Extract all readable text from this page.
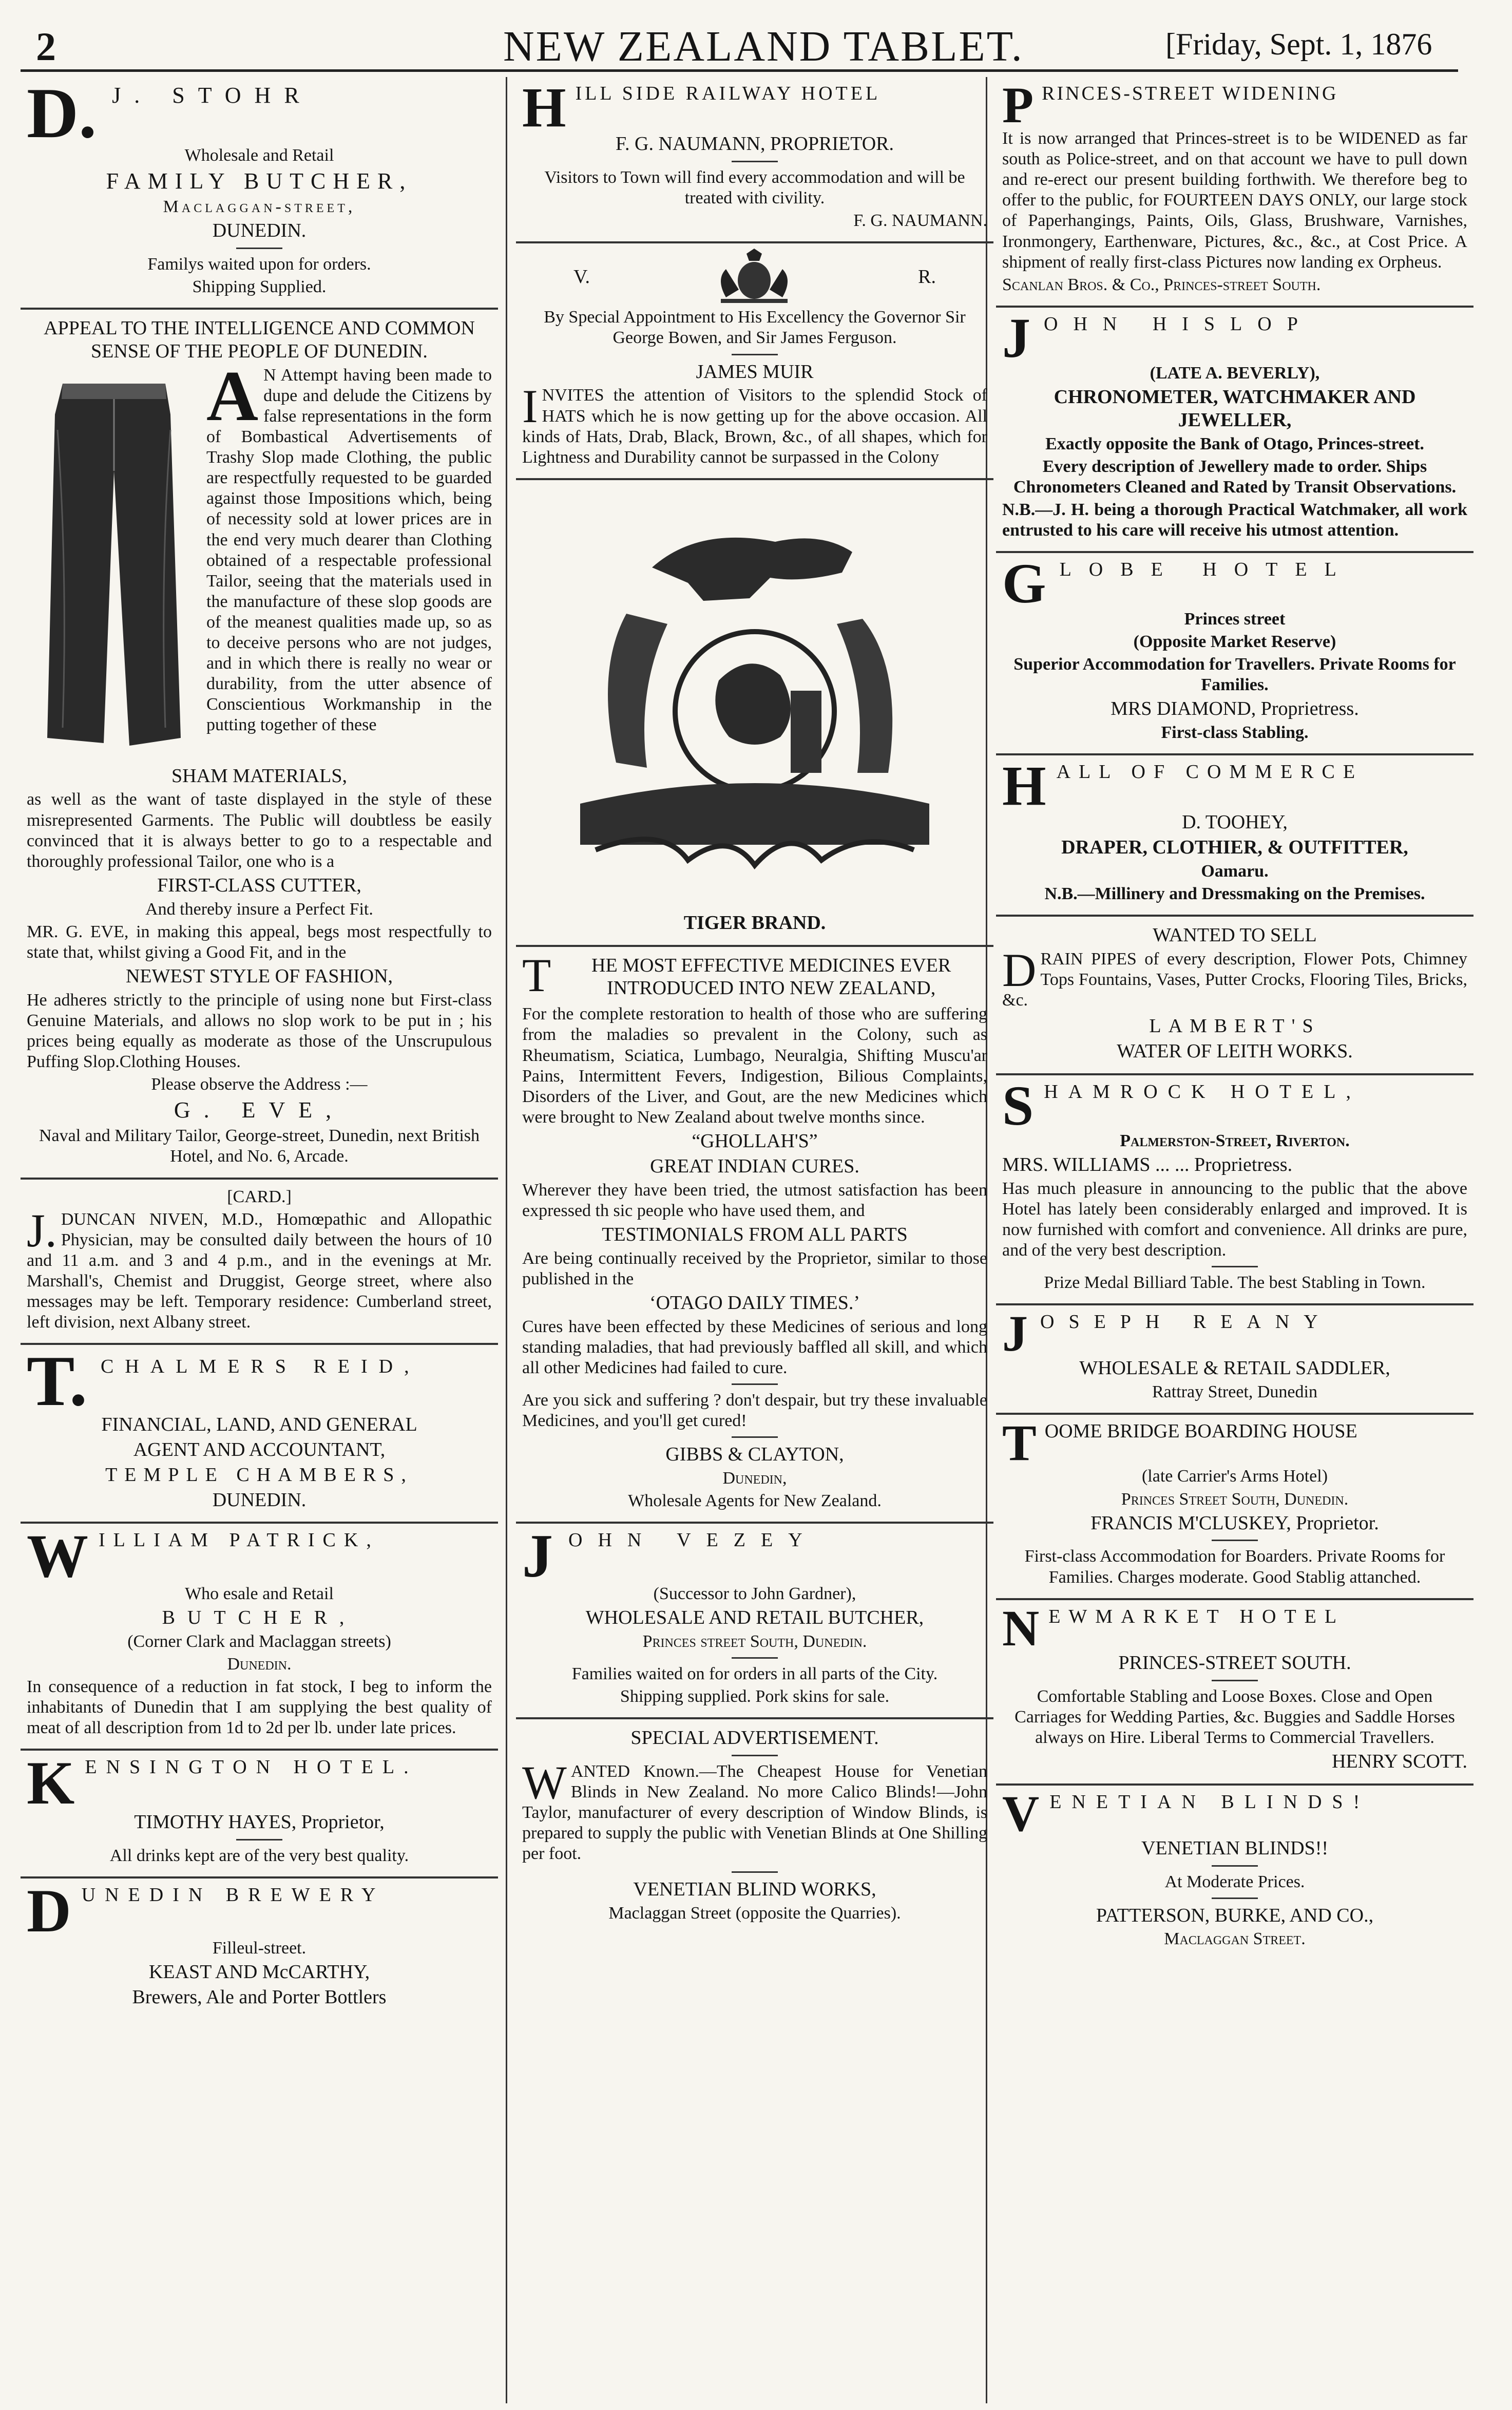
2	NEW ZEALAND TABLET.	[Friday, Sept. 1, 1876
D. J. STOHR

Wholesale and Retail

FAMILY BUTCHER,

Maclaggan-street,

DUNEDIN.

Familys waited upon for orders.

Shipping Supplied.

APPEAL TO THE INTELLIGENCE AND COMMON SENSE OF THE PEOPLE OF DUNEDIN.

A N Attempt having been made to dupe and delude the Citizens by false representations in the form of Bombastical Advertisements of Trashy Slop made Clothing, the public are respectfully requested to be guarded against those Impositions which, being of necessity sold at lower prices are in the end very much dearer than Clothing obtained of a respectable professional Tailor, seeing that the materials used in the manufacture of these slop goods are of the meanest qualities made up, so as to deceive persons who are not judges, and in which there is really no wear or durability, from the utter absence of Conscientious Workmanship in the putting together of these

SHAM MATERIALS,

as well as the want of taste displayed in the style of these misrepresented Garments. The Public will doubtless be easily convinced that it is always better to go to a respectable and thoroughly professional Tailor, one who is a

FIRST-CLASS CUTTER,

And thereby insure a Perfect Fit.

MR. G. EVE, in making this appeal, begs most respectfully to state that, whilst giving a Good Fit, and in the

NEWEST STYLE OF FASHION,

He adheres strictly to the principle of using none but First-class Genuine Materials, and allows no slop work to be put in ; his prices being equally as moderate as those of the Unscrupulous Puffing Slop.Clothing Houses.

Please observe the Address :—

G. EVE,

Naval and Military Tailor, George-street, Dunedin, next British Hotel, and No. 6, Arcade.

[CARD.]

J. DUNCAN NIVEN, M.D., Homœpathic and Allopathic Physician, may be consulted daily between the hours of 10 and 11 a.m. and 3 and 4 p.m., and in the evenings at Mr. Marshall's, Chemist and Druggist, George street, where also messages may be left. Temporary residence: Cumberland street, left division, next Albany street.

T. CHALMERS REID,

FINANCIAL, LAND, AND GENERAL

AGENT AND ACCOUNTANT,

TEMPLE CHAMBERS,

DUNEDIN.

W ILLIAM PATRICK,

Who esale and Retail

BUTCHER,

(Corner Clark and Maclaggan streets)

Dunedin.

In consequence of a reduction in fat stock, I beg to inform the inhabitants of Dunedin that I am supplying the best quality of meat of all description from 1d to 2d per lb. under late prices.

K ENSINGTON HOTEL.

TIMOTHY HAYES, Proprietor,

All drinks kept are of the very best quality.

D UNEDIN BREWERY

Filleul-street.

KEAST AND McCARTHY,

Brewers, Ale and Porter Bottlers

H ILL SIDE RAILWAY HOTEL

F. G. NAUMANN, PROPRIETOR.

Visitors to Town will find every accommodation and will be treated with civility.

F. G. NAUMANN.

V.	R.

By Special Appointment to His Excellency the Governor Sir George Bowen, and Sir James Ferguson.

JAMES MUIR

I NVITES the attention of Visitors to the splendid Stock of HATS which he is now getting up for the above occasion. All kinds of Hats, Drab, Black, Brown, &c., of all shapes, which for Lightness and Durability cannot be surpassed in the Colony

TIGER BRAND.

T HE MOST EFFECTIVE MEDICINES EVER INTRODUCED INTO NEW ZEALAND,

For the complete restoration to health of those who are suffering from the maladies so prevalent in the Colony, such as Rheumatism, Sciatica, Lumbago, Neuralgia, Shifting Muscu'ar Pains, Intermittent Fevers, Indigestion, Bilious Complaints, Disorders of the Liver, and Gout, are the new Medicines which were brought to New Zealand about twelve months since.

“GHOLLAH'S”

GREAT INDIAN CURES.

Wherever they have been tried, the utmost satisfaction has been expressed th sic people who have used them, and

TESTIMONIALS FROM ALL PARTS

Are being continually received by the Proprietor, similar to those published in the

‘OTAGO DAILY TIMES.’

Cures have been effected by these Medicines of serious and long standing maladies, that had previously baffled all skill, and which all other Medicines had failed to cure.

Are you sick and suffering ? don't despair, but try these invaluable Medicines, and you'll get cured!

GIBBS & CLAYTON,

Dunedin,

Wholesale Agents for New Zealand.

J OHN VEZEY

(Successor to John Gardner),

WHOLESALE AND RETAIL BUTCHER,

Princes street South, Dunedin.

Families waited on for orders in all parts of the City.

Shipping supplied. Pork skins for sale.

SPECIAL ADVERTISEMENT.

W ANTED Known.—The Cheapest House for Venetian Blinds in New Zealand. No more Calico Blinds!—John Taylor, manufacturer of every description of Window Blinds, is prepared to supply the public with Venetian Blinds at One Shilling per foot.

VENETIAN BLIND WORKS,

Maclaggan Street (opposite the Quarries).

P RINCES-STREET WIDENING

It is now arranged that Princes-street is to be WIDENED as far south as Police-street, and on that account we have to pull down and re-erect our present building forthwith. We therefore beg to offer to the public, for FOURTEEN DAYS ONLY, our large stock of Paperhangings, Paints, Oils, Glass, Brushware, Varnishes, Ironmongery, Earthenware, Pictures, &c., &c., at Cost Price. A shipment of really first-class Pictures now landing ex Orpheus.

Scanlan Bros. & Co., Princes-street South.

J OHN HISLOP

(LATE A. BEVERLY),

CHRONOMETER, WATCHMAKER AND JEWELLER,

Exactly opposite the Bank of Otago, Princes-street.

Every description of Jewellery made to order. Ships Chronometers Cleaned and Rated by Transit Observations.

N.B.—J. H. being a thorough Practical Watchmaker, all work entrusted to his care will receive his utmost attention.

G LOBE HOTEL

Princes street

(Opposite Market Reserve)

Superior Accommodation for Travellers. Private Rooms for Families.

MRS DIAMOND, Proprietress.

First-class Stabling.

H ALL OF COMMERCE

D. TOOHEY,

DRAPER, CLOTHIER, & OUTFITTER,

Oamaru.

N.B.—Millinery and Dressmaking on the Premises.

WANTED TO SELL

D RAIN PIPES of every description, Flower Pots, Chimney Tops Fountains, Vases, Putter Crocks, Flooring Tiles, Bricks, &c.

LAMBERT'S

WATER OF LEITH WORKS.

S HAMROCK HOTEL,

Palmerston-Street, Riverton.

MRS. WILLIAMS ... ... Proprietress.

Has much pleasure in announcing to the public that the above Hotel has lately been considerably enlarged and improved. It is now furnished with comfort and convenience. All drinks are pure, and of the very best description.

Prize Medal Billiard Table. The best Stabling in Town.

J OSEPH REANY

WHOLESALE & RETAIL SADDLER,

Rattray Street, Dunedin

T OOME BRIDGE BOARDING HOUSE

(late Carrier's Arms Hotel)

Princes Street South, Dunedin.

FRANCIS M'CLUSKEY, Proprietor.

First-class Accommodation for Boarders. Private Rooms for Families. Charges moderate. Good Stablig attanched.

N EWMARKET HOTEL

PRINCES-STREET SOUTH.

Comfortable Stabling and Loose Boxes. Close and Open Carriages for Wedding Parties, &c. Buggies and Saddle Horses always on Hire. Liberal Terms to Commercial Travellers.

HENRY SCOTT.

V ENETIAN BLINDS!

VENETIAN BLINDS!!

At Moderate Prices.

PATTERSON, BURKE, AND CO.,

Maclaggan Street.
